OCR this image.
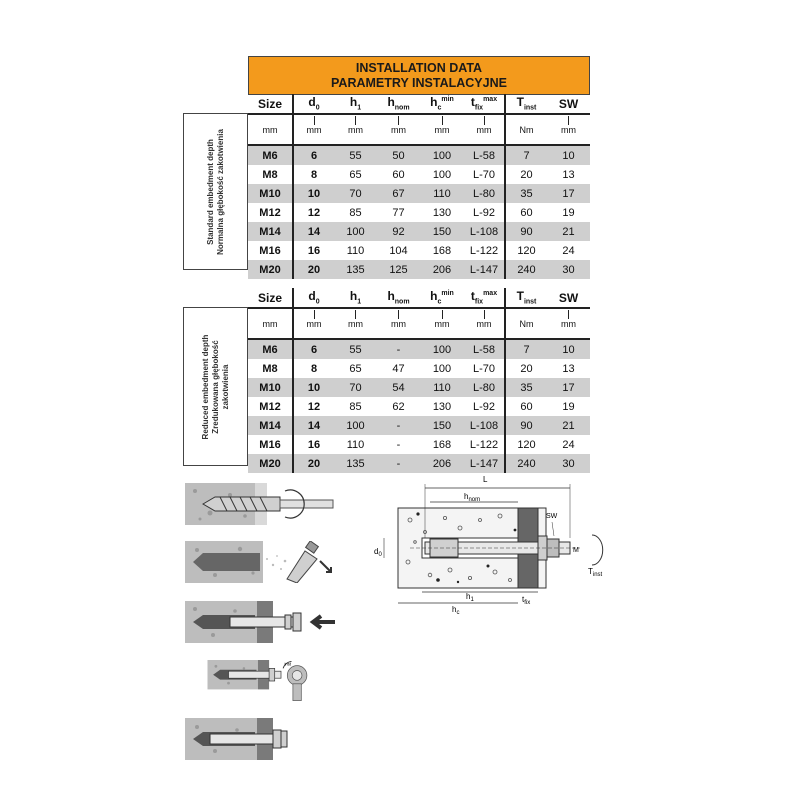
INSTALLATION DATA
PARAMETRY INSTALACYJNE
Standard embedment depth Normalna głębokość zakotwienia
Reduced embedment depth Zredukowana głębokość zakotwienia
Size	$d_0$	$h_1$	$h_{nom}$	$h_c^{min}$	$t_{fix}^{max}$	$T_{inst}$	SW
mm	mm	mm	mm	mm	mm	Nm	mm
M6	6	55	50	100	L-58	7	10
M8	8	65	60	100	L-70	20	13
M10	10	70	67	110	L-80	35	17
M12	12	85	77	130	L-92	60	19
M14	14	100	92	150	L-108	90	21
M16	16	110	104	168	L-122	120	24
M20	20	135	125	206	L-147	240	30
Size	$d_0$	$h_1$	$h_{nom}$	$h_c^{min}$	$t_{fix}^{max}$	$T_{inst}$	SW
mm	mm	mm	mm	mm	mm	Nm	mm
M6	6	55	-	100	L-58	7	10
M8	8	65	47	100	L-70	20	13
M10	10	70	54	110	L-80	35	17
M12	12	85	62	130	L-92	60	19
M14	14	100	-	150	L-108	90	21
M16	16	110	-	168	L-122	120	24
M20	20	135	-	206	L-147	240	30
inst
L
$h_{nom}$
SW
$d_0$
M
$T_{inst}$
$h_1$
$h_c$
$t_{fix}$
